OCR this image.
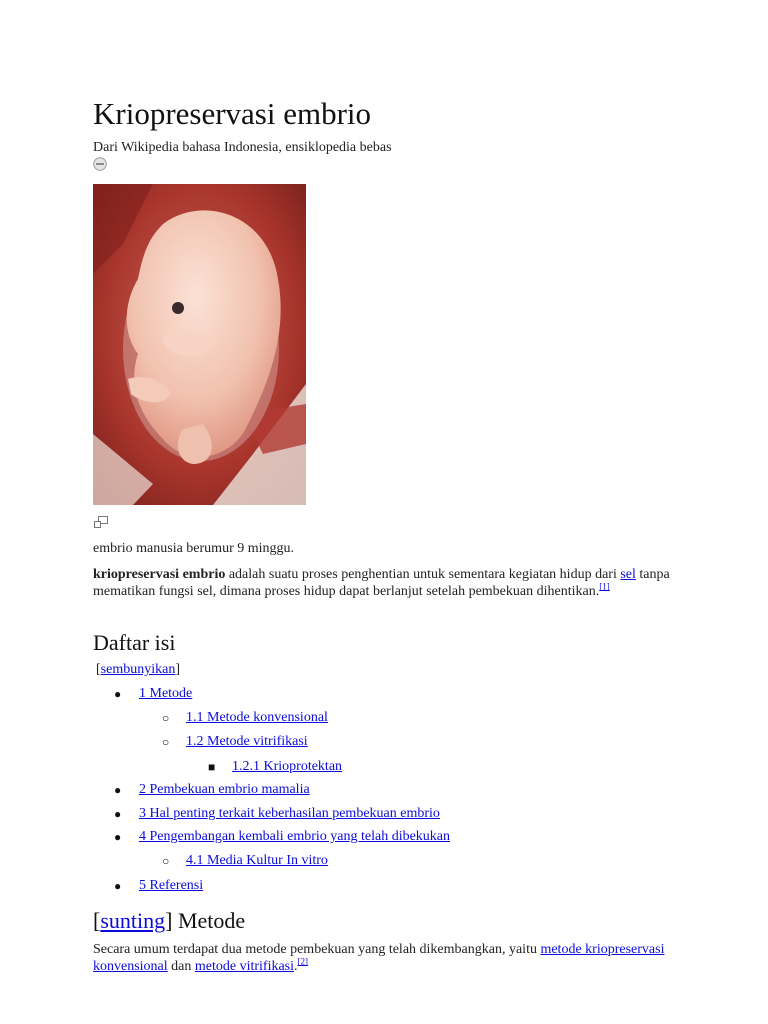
Kriopreservasi embrio

Dari Wikipedia bahasa Indonesia, ensiklopedia bebas

embrio manusia berumur 9 minggu.

kriopreservasi embrio adalah suatu proses penghentian untuk sementara kegiatan hidup dari sel tanpa mematikan fungsi sel, dimana proses hidup dapat berlanjut setelah pembekuan dihentikan.[1]

Daftar isi

[sembunyikan]

● 1 Metode
○ 1.1 Metode konvensional
○ 1.2 Metode vitrifikasi
■ 1.2.1 Krioprotektan
● 2 Pembekuan embrio mamalia
● 3 Hal penting terkait keberhasilan pembekuan embrio
● 4 Pengembangan kembali embrio yang telah dibekukan
○ 4.1 Media Kultur In vitro
● 5 Referensi
[sunting] Metode

Secara umum terdapat dua metode pembekuan yang telah dikembangkan, yaitu metode kriopreservasi konvensional dan metode vitrifikasi.[2]
